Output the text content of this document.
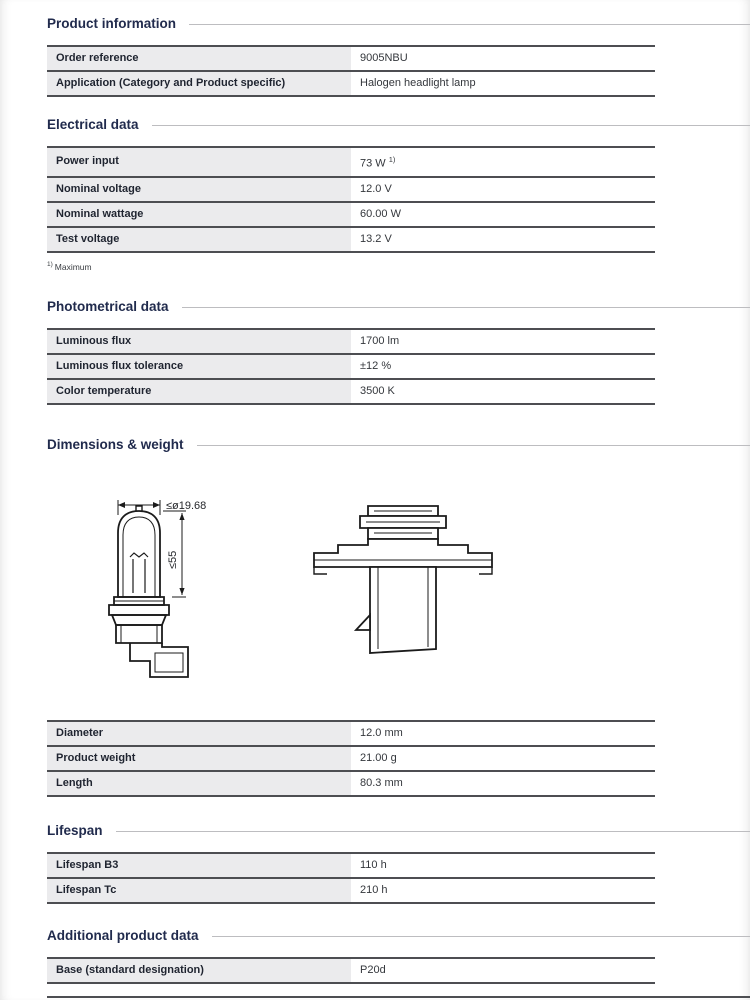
Product information
Order reference	9005NBU
Application (Category and Product specific)	Halogen headlight lamp
Electrical data
Power input	73 W $^{1)}$
Nominal voltage	12.0 V
Nominal wattage	60.00 W
Test voltage	13.2 V
$^{1)}$ Maximum
Photometrical data
Luminous flux	1700 lm
Luminous flux tolerance	±12 %
Color temperature	3500 K
Dimensions & weight
≤ø19.68
≤55
Diameter	12.0 mm
Product weight	21.00 g
Length	80.3 mm
Lifespan
Lifespan B3	110 h
Lifespan Tc	210 h
Additional product data
Base (standard designation)	P20d
